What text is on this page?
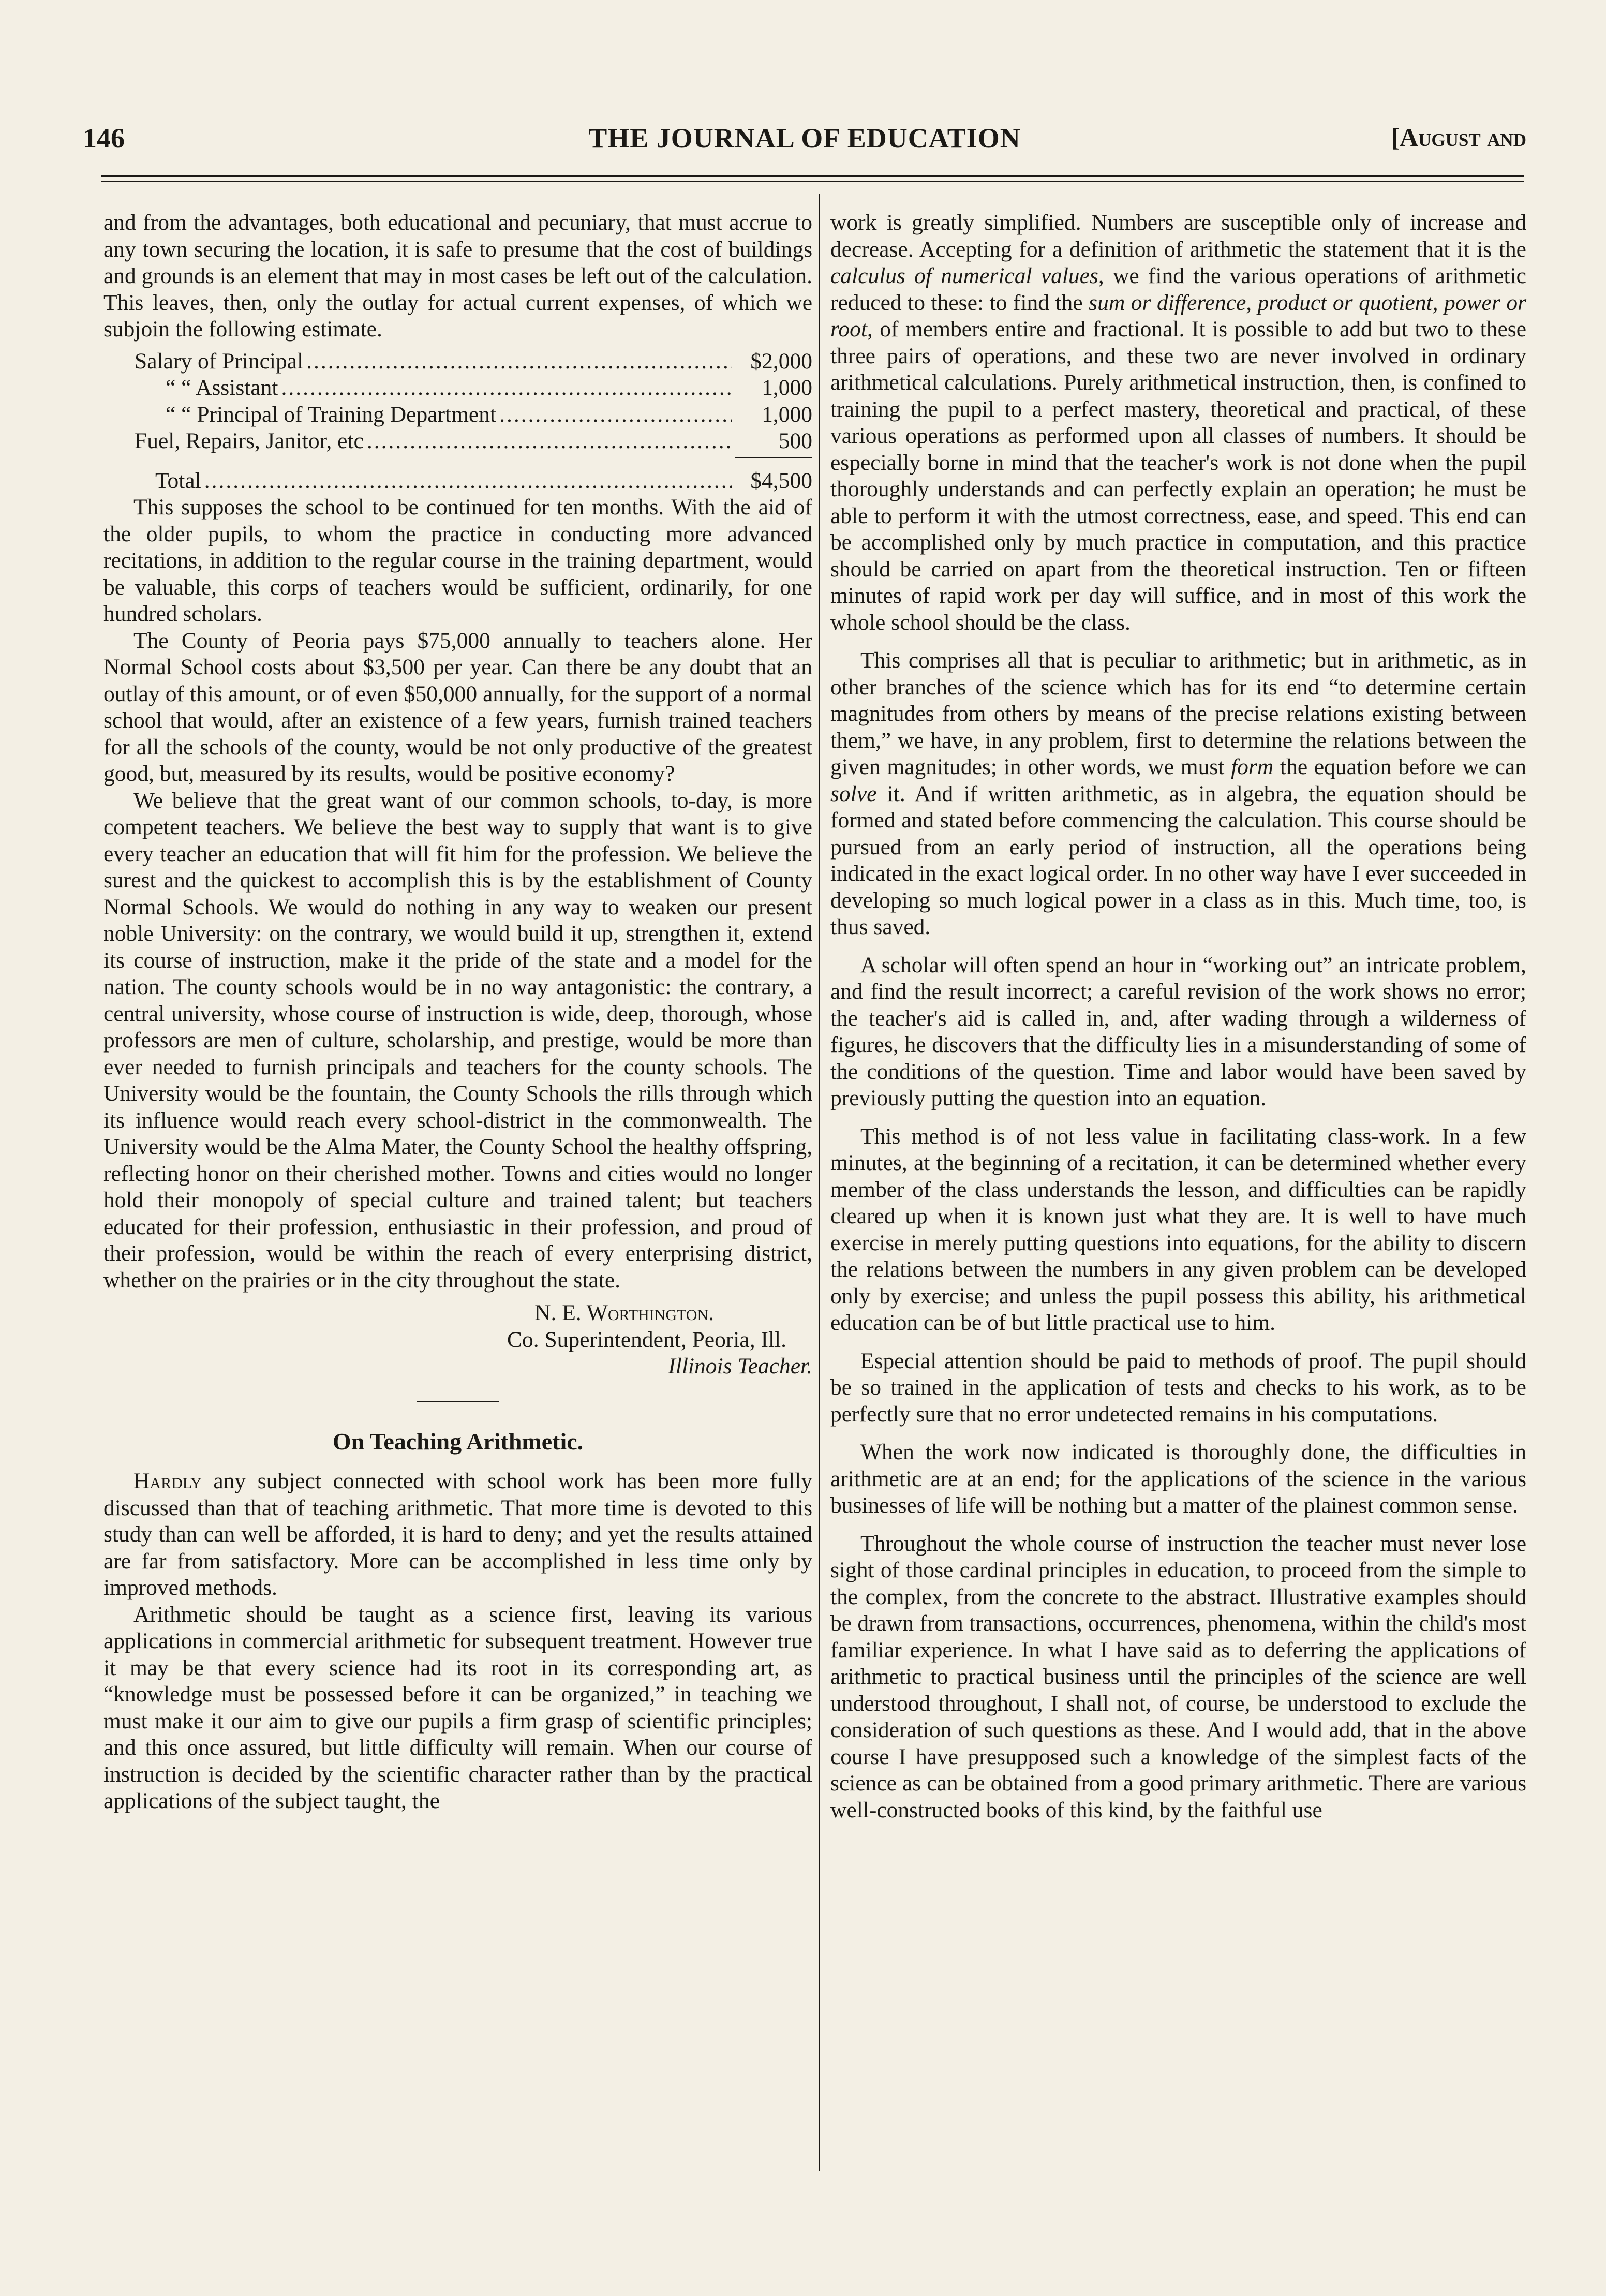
THE JOURNAL OF EDUCATION
146	[August and

and from the advantages, both educational and pecuniary, that must accrue to any town securing the location, it is safe to presume that the cost of buildings and grounds is an element that may in most cases be left out of the calculation. This leaves, then, only the outlay for actual current expenses, of which we subjoin the following estimate.

Salary of Principal .....	$2,000
“ “ Assistant .....	1,000
“ “ Principal of Training Department .....	1,000
Fuel, Repairs, Janitor, etc .....	500
Total .....	$4,500

This supposes the school to be continued for ten months. With the aid of the older pupils, to whom the practice in conducting more advanced recitations, in addition to the regular course in the training department, would be valuable, this corps of teachers would be sufficient, ordinarily, for one hundred scholars.

The County of Peoria pays $75,000 annually to teachers alone. Her Normal School costs about $3,500 per year. Can there be any doubt that an outlay of this amount, or of even $50,000 annually, for the support of a normal school that would, after an existence of a few years, furnish trained teachers for all the schools of the county, would be not only productive of the greatest good, but, measured by its results, would be positive economy?

We believe that the great want of our common schools, to-day, is more competent teachers. We believe the best way to supply that want is to give every teacher an education that will fit him for the profession. We believe the surest and the quickest to accomplish this is by the establishment of County Normal Schools. We would do nothing in any way to weaken our present noble University: on the contrary, we would build it up, strengthen it, extend its course of instruction, make it the pride of the state and a model for the nation. The county schools would be in no way antagonistic: the contrary, a central university, whose course of instruction is wide, deep, thorough, whose professors are men of culture, scholarship, and prestige, would be more than ever needed to furnish principals and teachers for the county schools. The University would be the fountain, the County Schools the rills through which its influence would reach every school-district in the commonwealth. The University would be the Alma Mater, the County School the healthy offspring, reflecting honor on their cherished mother. Towns and cities would no longer hold their monopoly of special culture and trained talent; but teachers educated for their profession, enthusiastic in their profession, and proud of their profession, would be within the reach of every enterprising district, whether on the prairies or in the city throughout the state.

N. E. Worthington.
Co. Superintendent, Peoria, Ill.
Illinois Teacher.
On Teaching Arithmetic.

Hardly any subject connected with school work has been more fully discussed than that of teaching arithmetic. That more time is devoted to this study than can well be afforded, it is hard to deny; and yet the results attained are far from satisfactory. More can be accomplished in less time only by improved methods.

Arithmetic should be taught as a science first, leaving its various applications in commercial arithmetic for subsequent treatment. However true it may be that every science had its root in its corresponding art, as “knowledge must be possessed before it can be organized,” in teaching we must make it our aim to give our pupils a firm grasp of scientific principles; and this once assured, but little difficulty will remain. When our course of instruction is decided by the scientific character rather than by the practical applications of the subject taught, the

work is greatly simplified. Numbers are susceptible only of increase and decrease. Accepting for a definition of arithmetic the statement that it is the calculus of numerical values, we find the various operations of arithmetic reduced to these: to find the sum or difference, product or quotient, power or root, of members entire and fractional. It is possible to add but two to these three pairs of operations, and these two are never involved in ordinary arithmetical calculations. Purely arithmetical instruction, then, is confined to training the pupil to a perfect mastery, theoretical and practical, of these various operations as performed upon all classes of numbers. It should be especially borne in mind that the teacher's work is not done when the pupil thoroughly understands and can perfectly explain an operation; he must be able to perform it with the utmost correctness, ease, and speed. This end can be accomplished only by much practice in computation, and this practice should be carried on apart from the theoretical instruction. Ten or fifteen minutes of rapid work per day will suffice, and in most of this work the whole school should be the class.

This comprises all that is peculiar to arithmetic; but in arithmetic, as in other branches of the science which has for its end “to determine certain magnitudes from others by means of the precise relations existing between them,” we have, in any problem, first to determine the relations between the given magnitudes; in other words, we must form the equation before we can solve it. And if written arithmetic, as in algebra, the equation should be formed and stated before commencing the calculation. This course should be pursued from an early period of instruction, all the operations being indicated in the exact logical order. In no other way have I ever succeeded in developing so much logical power in a class as in this. Much time, too, is thus saved.

A scholar will often spend an hour in “working out” an intricate problem, and find the result incorrect; a careful revision of the work shows no error; the teacher's aid is called in, and, after wading through a wilderness of figures, he discovers that the difficulty lies in a misunderstanding of some of the conditions of the question. Time and labor would have been saved by previously putting the question into an equation.

This method is of not less value in facilitating class-work. In a few minutes, at the beginning of a recitation, it can be determined whether every member of the class understands the lesson, and difficulties can be rapidly cleared up when it is known just what they are. It is well to have much exercise in merely putting questions into equations, for the ability to discern the relations between the numbers in any given problem can be developed only by exercise; and unless the pupil possess this ability, his arithmetical education can be of but little practical use to him.

Especial attention should be paid to methods of proof. The pupil should be so trained in the application of tests and checks to his work, as to be perfectly sure that no error undetected remains in his computations.

When the work now indicated is thoroughly done, the difficulties in arithmetic are at an end; for the applications of the science in the various businesses of life will be nothing but a matter of the plainest common sense.

Throughout the whole course of instruction the teacher must never lose sight of those cardinal principles in education, to proceed from the simple to the complex, from the concrete to the abstract. Illustrative examples should be drawn from transactions, occurrences, phenomena, within the child's most familiar experience. In what I have said as to deferring the applications of arithmetic to practical business until the principles of the science are well understood throughout, I shall not, of course, be understood to exclude the consideration of such questions as these. And I would add, that in the above course I have presupposed such a knowledge of the simplest facts of the science as can be obtained from a good primary arithmetic. There are various well-constructed books of this kind, by the faithful use
